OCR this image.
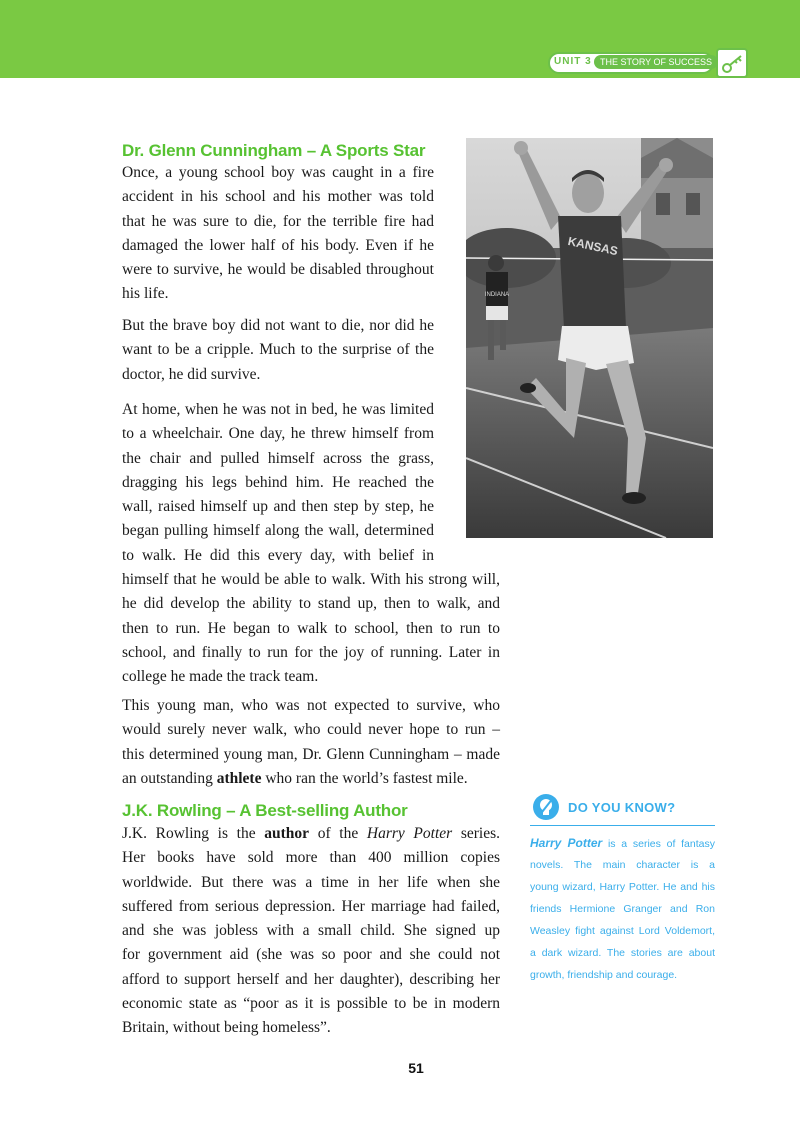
UNIT 3 THE STORY OF SUCCESS
Dr. Glenn Cunningham – A Sports Star
Once, a young school boy was caught in a fire
accident in his school and his mother was told
that he was sure to die, for the terrible fire had
damaged the lower half of his body. Even if he
were to survive, he would be disabled throughout
his life.
But the brave boy did not want to die, nor did he
want to be a cripple. Much to the surprise of the
doctor, he did survive.
At home, when he was not in bed, he was limited
to a wheelchair. One day, he threw himself from
the chair and pulled himself across the grass,
dragging his legs behind him. He reached the
wall, raised himself up and then step by step, he
began pulling himself along the wall, determined
to walk. He did this every day, with belief in
himself that he would be able to walk. With his strong will,
he did develop the ability to stand up, then to walk, and
then to run. He began to walk to school, then to run to
school, and finally to run for the joy of running. Later in
college he made the track team.
This young man, who was not expected to survive, who
would surely never walk, who could never hope to run –
this determined young man, Dr. Glenn Cunningham – made
an outstanding athlete who ran the world’s fastest mile.
INDIANA
KANSAS
J.K. Rowling – A Best-selling Author
J.K. Rowling is the author of the Harry Potter series.
Her books have sold more than 400 million copies
worldwide. But there was a time in her life when she
suffered from serious depression. Her marriage had failed,
and she was jobless with a small child. She signed up
for government aid (she was so poor and she could not
afford to support herself and her daughter), describing her
economic state as “poor as it is possible to be in modern
Britain, without being homeless”.
DO YOU KNOW?
Harry Potter is a series of fantasy
novels. The main character is a
young wizard, Harry Potter. He and his
friends Hermione Granger and Ron
Weasley fight against Lord Voldemort,
a dark wizard. The stories are about
growth, friendship and courage.
51
